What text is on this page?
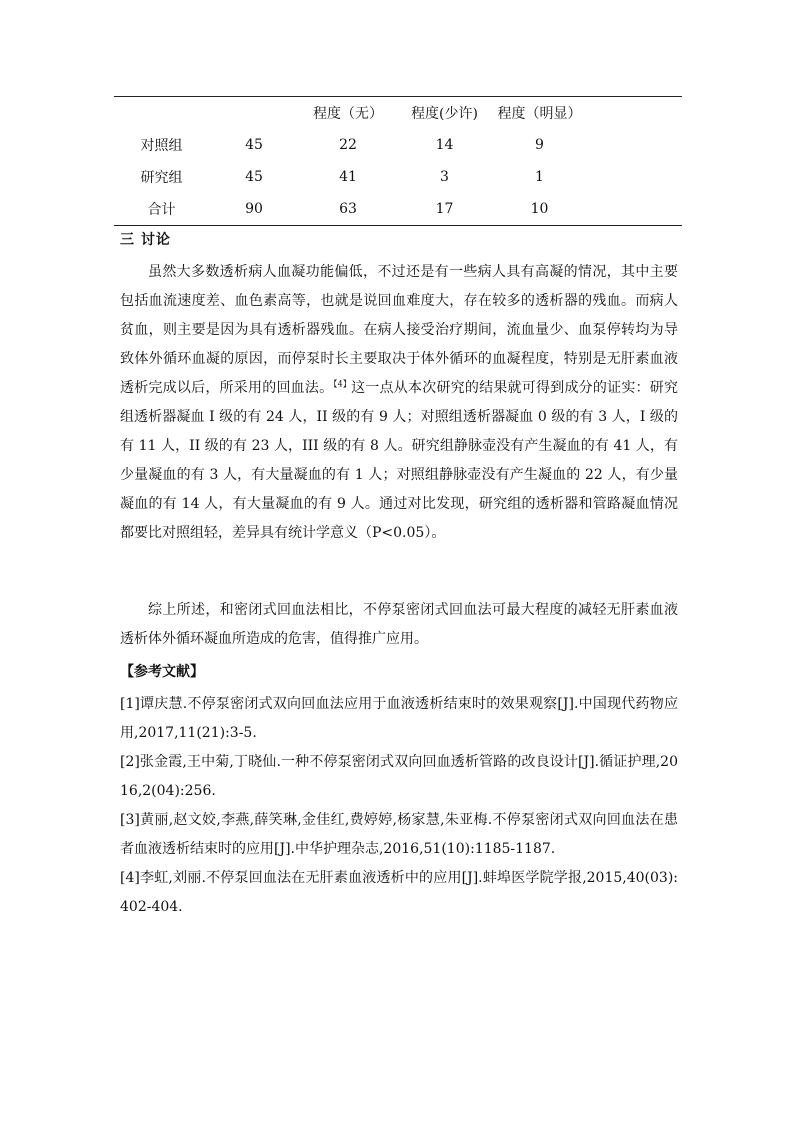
		程度（无）	程度(少许)	程度（明显）	
对照组	45	22	14	9	
研究组	45	41	3	1	
合计	90	63	17	10	
三 讨论

虽然大多数透析病人血凝功能偏低，不过还是有一些病人具有高凝的情况，其中主要包括血流速度差、血色素高等，也就是说回血难度大，存在较多的透析器的残血。而病人贫血，则主要是因为具有透析器残血。在病人接受治疗期间，流血量少、血泵停转均为导致体外循环血凝的原因，而停泵时长主要取决于体外循环的血凝程度，特别是无肝素血液透析完成以后，所采用的回血法。$^{【4】}$这一点从本次研究的结果就可得到成分的证实：研究组透析器凝血 I 级的有 24 人，II 级的有 9 人；对照组透析器凝血 0 级的有 3 人，I 级的有 11 人，II 级的有 23 人，III 级的有 8 人。研究组静脉壶没有产生凝血的有 41 人，有少量凝血的有 3 人，有大量凝血的有 1 人；对照组静脉壶没有产生凝血的 22 人，有少量凝血的有 14 人，有大量凝血的有 9 人。通过对比发现，研究组的透析器和管路凝血情况都要比对照组轻，差异具有统计学意义（P<0.05）。

综上所述，和密闭式回血法相比，不停泵密闭式回血法可最大程度的减轻无肝素血液透析体外循环凝血所造成的危害，值得推广应用。

【参考文献】

[1]谭庆慧.不停泵密闭式双向回血法应用于血液透析结束时的效果观察[J].中国现代药物应用,2017,11(21):3-5.

[2]张金霞,王中菊,丁晓仙.一种不停泵密闭式双向回血透析管路的改良设计[J].循证护理,2016,2(04):256.

[3]黄丽,赵文姣,李燕,薛笑琳,金佳红,费婷婷,杨家慧,朱亚梅.不停泵密闭式双向回血法在患者血液透析结束时的应用[J].中华护理杂志,2016,51(10):1185-1187.

[4]李虹,刘丽.不停泵回血法在无肝素血液透析中的应用[J].蚌埠医学院学报,2015,40(03):402-404.
